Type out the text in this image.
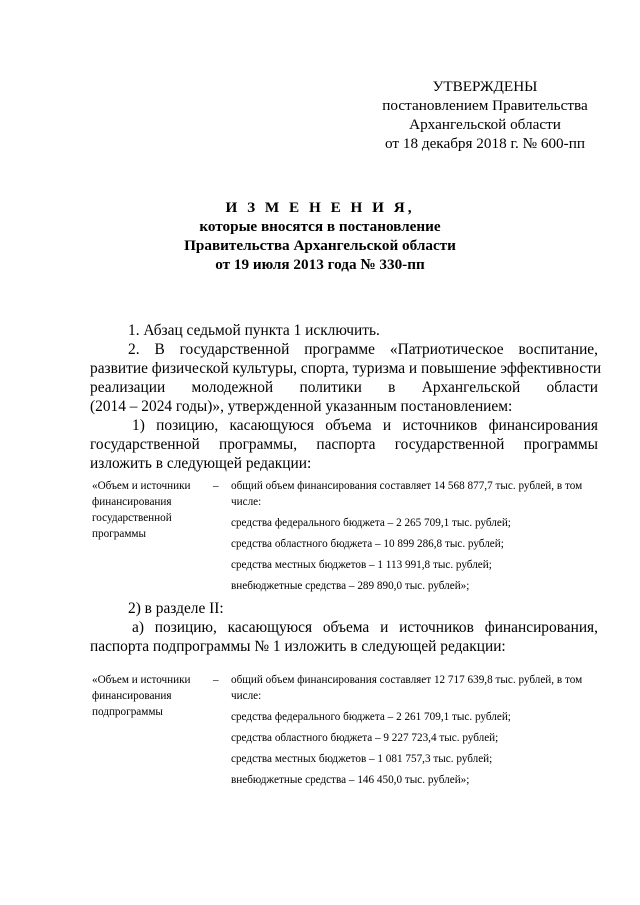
УТВЕРЖДЕНЫ
постановлением Правительства
Архангельской области
от 18 декабря 2018 г. № 600-пп
И З М Е Н Е Н И Я,
которые вносятся в постановление
Правительства Архангельской области
от 19 июля 2013 года № 330-пп
1. Абзац седьмой пункта 1 исключить.
2. В государственной программе «Патриотическое воспитание,
развитие физической культуры, спорта, туризма и повышение эффективности
реализации молодежной политики в Архангельской области
(2014 – 2024 годы)», утвержденной указанным постановлением:
1) позицию, касающуюся объема и источников финансирования
государственной программы, паспорта государственной программы
изложить в следующей редакции:
«Объем и источники финансирования государственной программы
– общий объем финансирования составляет 14 568 877,7 тыс. рублей, в том числе:
средства федерального бюджета – 2 265 709,1 тыс. рублей;
средства областного бюджета – 10 899 286,8 тыс. рублей;
средства местных бюджетов – 1 113 991,8 тыс. рублей;
внебюджетные средства – 289 890,0 тыс. рублей»;
2) в разделе II:
а) позицию, касающуюся объема и источников финансирования,
паспорта подпрограммы № 1 изложить в следующей редакции:
«Объем и источники финансирования подпрограммы
– общий объем финансирования составляет 12 717 639,8 тыс. рублей, в том числе:
средства федерального бюджета – 2 261 709,1 тыс. рублей;
средства областного бюджета – 9 227 723,4 тыс. рублей;
средства местных бюджетов – 1 081 757,3 тыс. рублей;
внебюджетные средства – 146 450,0 тыс. рублей»;
